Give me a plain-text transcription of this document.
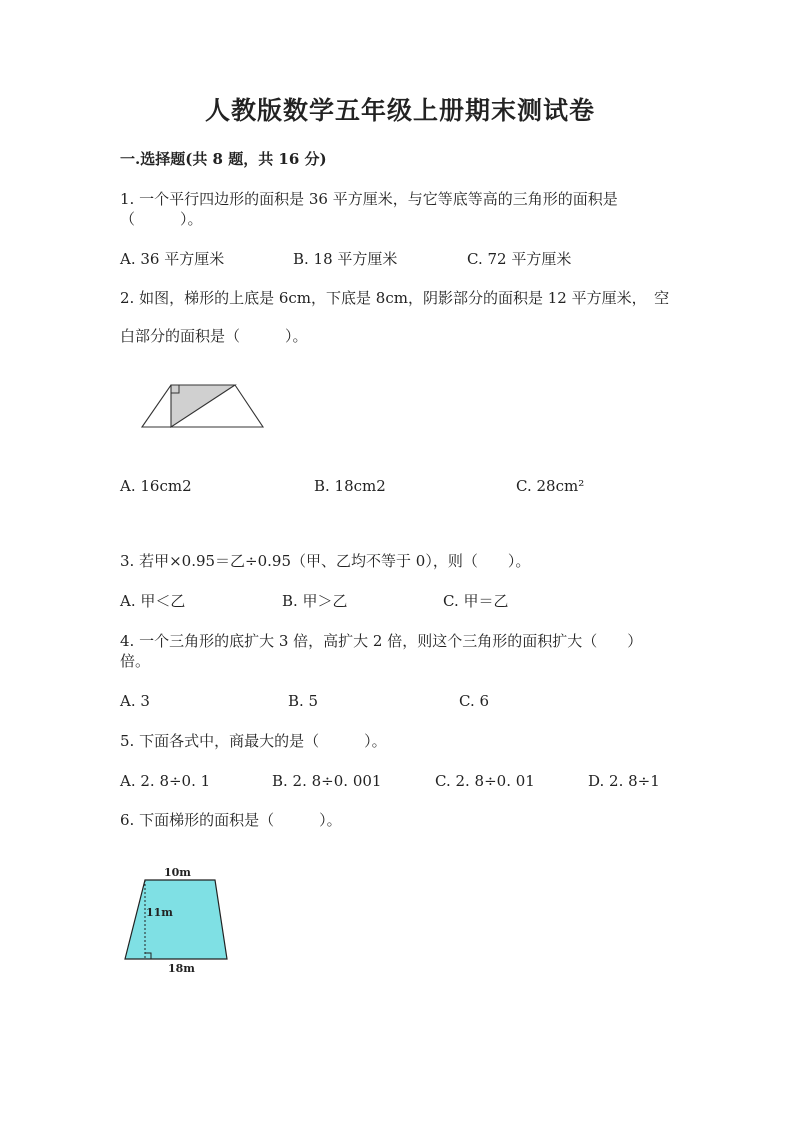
人教版数学五年级上册期末测试卷
一.选择题(共 8 题，共 16 分)
1. 一个平行四边形的面积是 36 平方厘米，与它等底等高的三角形的面积是
（　　　）。
A. 36 平方厘米	B. 18 平方厘米	C. 72 平方厘米
2. 如图，梯形的上底是 6cm，下底是 8cm，阴影部分的面积是 12 平方厘米，　空
白部分的面积是（　　　）。
A. 16cm2	B. 18cm2	C. 28cm²
3. 若甲×0.95＝乙÷0.95（甲、乙均不等于 0），则（　　）。
A. 甲＜乙	B. 甲＞乙	C. 甲＝乙
4. 一个三角形的底扩大 3 倍，高扩大 2 倍，则这个三角形的面积扩大（　　）
倍。
A. 3	B. 5	C. 6
5. 下面各式中，商最大的是（　　　）。
A. 2. 8÷0. 1	B. 2. 8÷0. 001	C. 2. 8÷0. 01	D. 2. 8÷1
6. 下面梯形的面积是（　　　）。
10m
11m
18m
